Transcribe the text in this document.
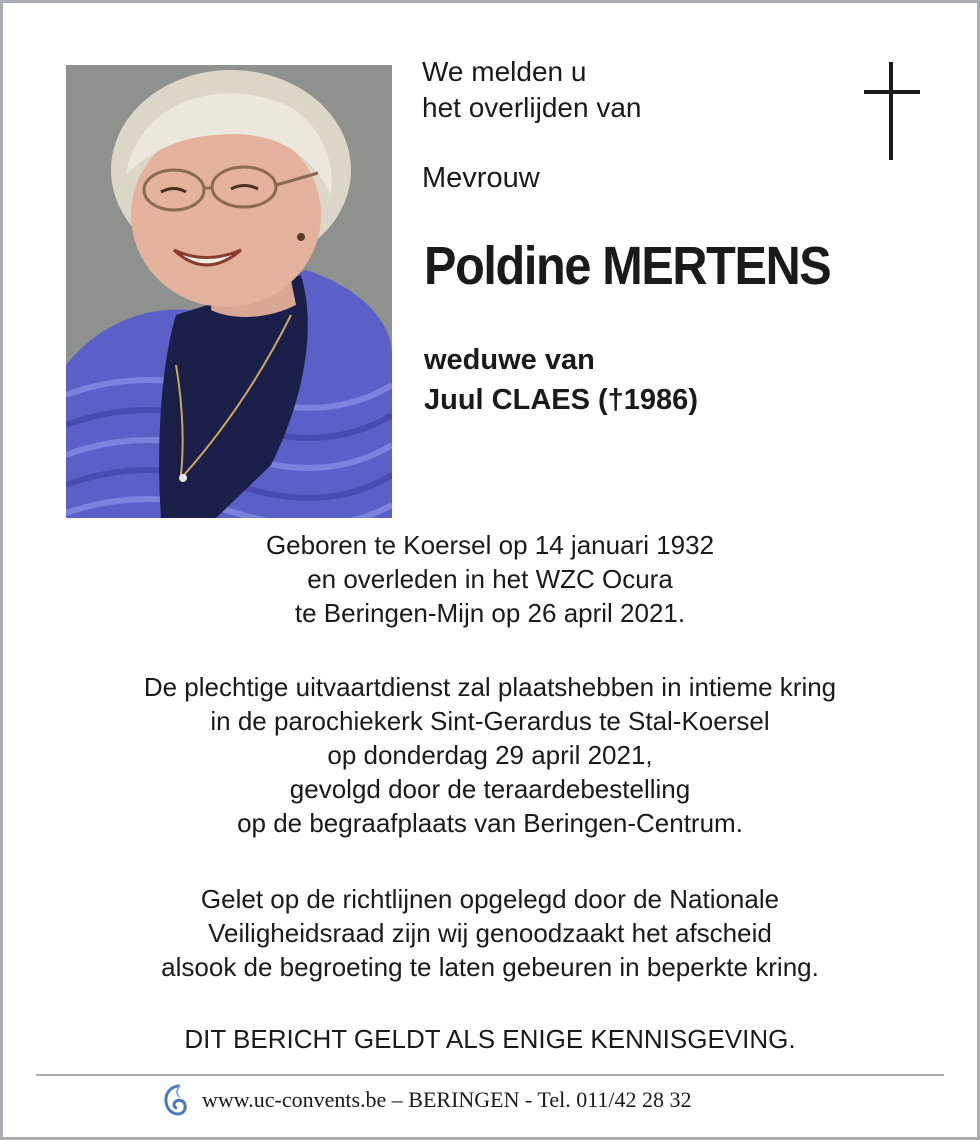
We melden u
het overlijden van
Mevrouw
Poldine MERTENS
weduwe van
Juul CLAES (†1986)
Geboren te Koersel op 14 januari 1932
en overleden in het WZC Ocura
te Beringen-Mijn op 26 april 2021.
De plechtige uitvaartdienst zal plaatshebben in intieme kring
in de parochiekerk Sint-Gerardus te Stal-Koersel
op donderdag 29 april 2021,
gevolgd door de teraardebestelling
op de begraafplaats van Beringen-Centrum.
Gelet op de richtlijnen opgelegd door de Nationale
Veiligheidsraad zijn wij genoodzaakt het afscheid
alsook de begroeting te laten gebeuren in beperkte kring.
DIT BERICHT GELDT ALS ENIGE KENNISGEVING.
www.uc-convents.be – BERINGEN - Tel. 011/42 28 32
